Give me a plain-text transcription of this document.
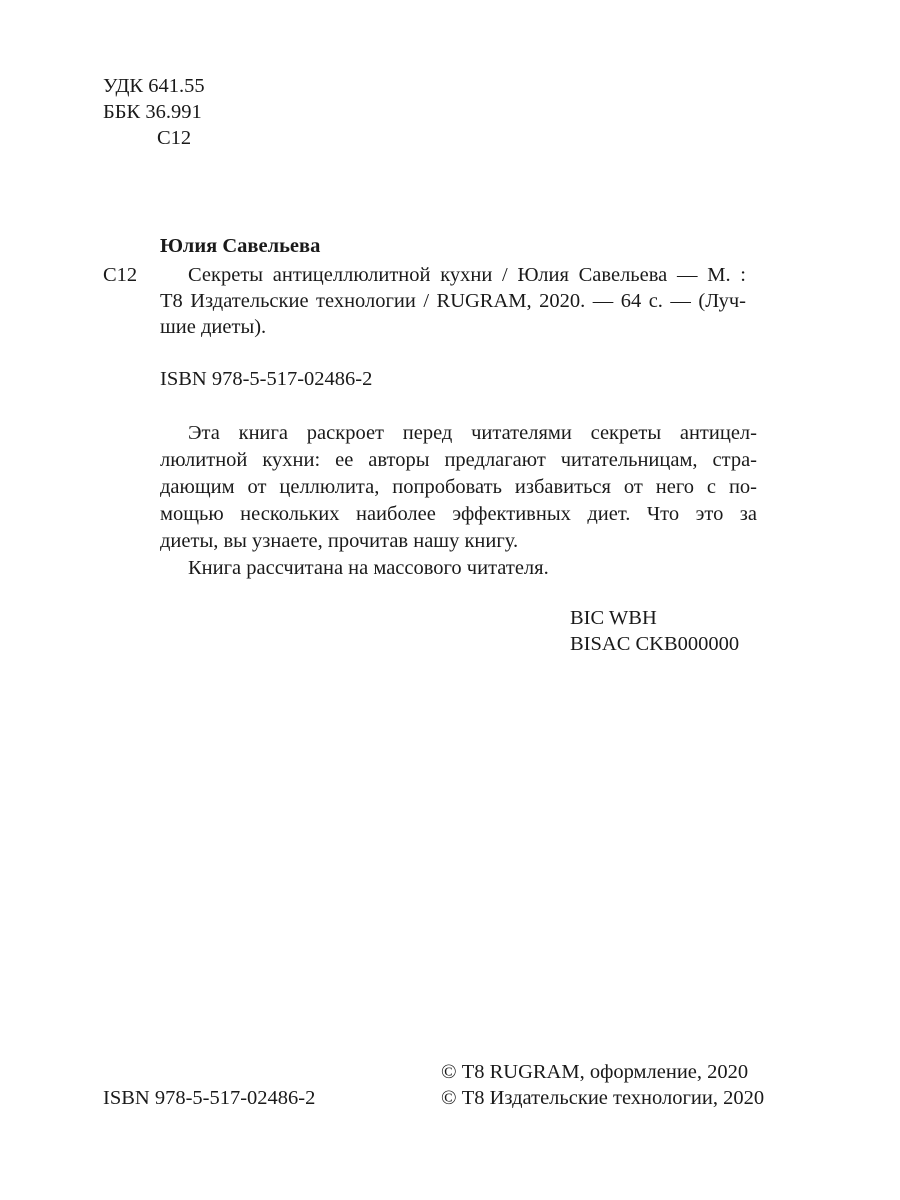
УДК 641.55
ББК 36.991
С12
Юлия Савельева
С12 Секреты антицеллюлитной кухни / Юлия Савельева — М. :
Т8 Издательские технологии / RUGRAM, 2020. — 64 с. — (Луч-
шие диеты).
ISBN 978-5-517-02486-2
Эта книга раскроет перед читателями секреты антицел-
люлитной кухни: ее авторы предлагают читательницам, стра-
дающим от целлюлита, попробовать избавиться от него с по-
мощью нескольких наиболее эффективных диет. Что это за
диеты, вы узнаете, прочитав нашу книгу.
Книга рассчитана на массового читателя.
BIC WBH
BISAC CKB000000
ISBN 978-5-517-02486-2
© Т8 RUGRAM, оформление, 2020
© Т8 Издательские технологии, 2020
